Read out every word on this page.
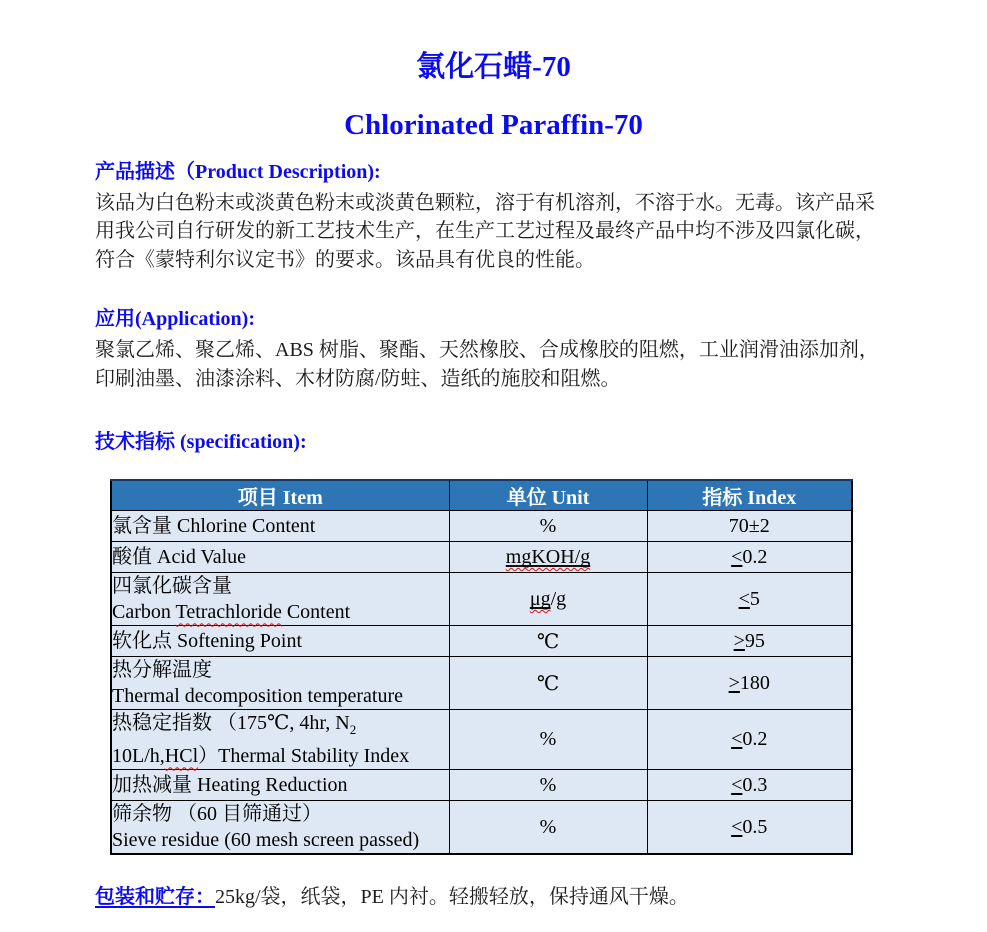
氯化石蜡-70
Chlorinated Paraffin-70
产品描述（Product Description):
该品为白色粉末或淡黄色粉末或淡黄色颗粒，溶于有机溶剂，不溶于水。无毒。该产品采
用我公司自行研发的新工艺技术生产，在生产工艺过程及最终产品中均不涉及四氯化碳，
符合《蒙特利尔议定书》的要求。该品具有优良的性能。
应用(Application):
聚氯乙烯、聚乙烯、ABS 树脂、聚酯、天然橡胶、合成橡胶的阻燃，工业润滑油添加剂，
印刷油墨、油漆涂料、木材防腐/防蛀、造纸的施胶和阻燃。
技术指标 (specification):
项目 Item	单位 Unit	指标 Index

氯含量 Chlorine Content	%	70±2

酸值 Acid Value	mgKOH/g	<0.2

四氯化碳含量
Carbon Tetrachloride Content	μg/g	<5

软化点 Softening Point	℃	>95

热分解温度
Thermal decomposition temperature	℃	>180

热稳定指数 （175℃, 4hr, $N_2$
10L/h,HCl）Thermal Stability Index	%	<0.2

加热减量 Heating Reduction	%	<0.3

筛余物 （60 目筛通过）
Sieve residue (60 mesh screen passed)	%	<0.5
包装和贮存：25kg/袋，纸袋，PE 内衬。轻搬轻放，保持通风干燥。
